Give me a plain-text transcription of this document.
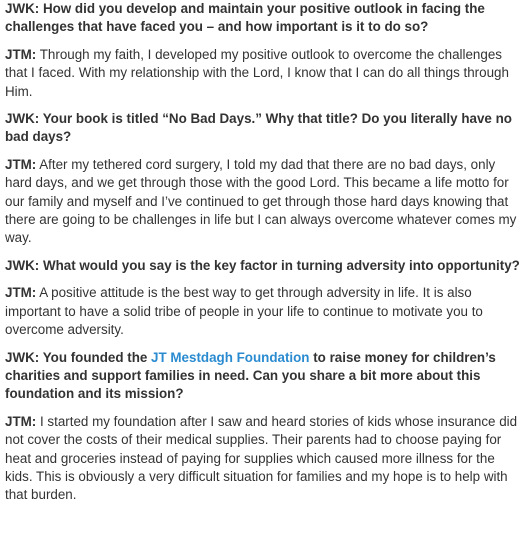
JWK: How did you develop and maintain your positive outlook in facing the challenges that have faced you – and how important is it to do so?

JTM: Through my faith, I developed my positive outlook to overcome the challenges that I faced. With my relationship with the Lord, I know that I can do all things through Him.

JWK: Your book is titled “No Bad Days.” Why that title? Do you literally have no bad days?

JTM: After my tethered cord surgery, I told my dad that there are no bad days, only hard days, and we get through those with the good Lord. This became a life motto for our family and myself and I’ve continued to get through those hard days knowing that there are going to be challenges in life but I can always overcome whatever comes my way.

JWK: What would you say is the key factor in turning adversity into opportunity?

JTM: A positive attitude is the best way to get through adversity in life. It is also important to have a solid tribe of people in your life to continue to motivate you to overcome adversity.

JWK: You founded the JT Mestdagh Foundation to raise money for children’s charities and support families in need. Can you share a bit more about this foundation and its mission?

JTM: I started my foundation after I saw and heard stories of kids whose insurance did not cover the costs of their medical supplies. Their parents had to choose paying for heat and groceries instead of paying for supplies which caused more illness for the kids. This is obviously a very difficult situation for families and my hope is to help with that burden.
